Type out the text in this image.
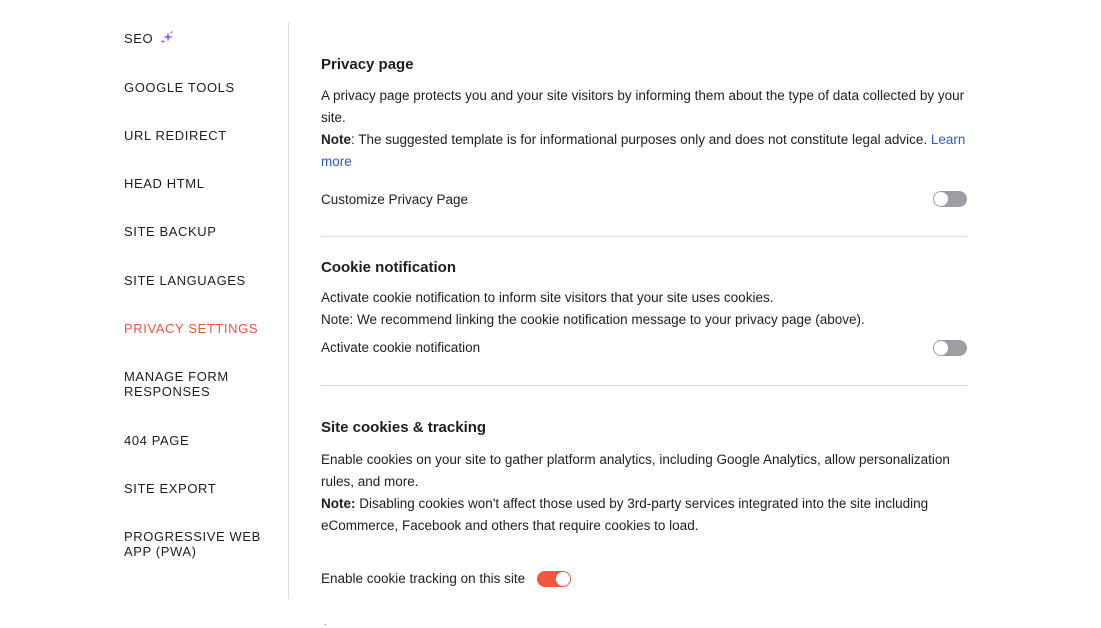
SEO
GOOGLE TOOLS
URL REDIRECT
HEAD HTML
SITE BACKUP
SITE LANGUAGES
PRIVACY SETTINGS
MANAGE FORM
RESPONSES
404 PAGE
SITE EXPORT
PROGRESSIVE WEB
APP (PWA)
Privacy page
A privacy page protects you and your site visitors by informing them about the type of data collected by your site.
Note: The suggested template is for informational purposes only and does not constitute legal advice. Learn more
Customize Privacy Page
Cookie notification
Activate cookie notification to inform site visitors that your site uses cookies.
Note: We recommend linking the cookie notification message to your privacy page (above).
Activate cookie notification
Site cookies & tracking
Enable cookies on your site to gather platform analytics, including Google Analytics, allow personalization rules, and more.
Note: Disabling cookies won't affect those used by 3rd-party services integrated into the site including eCommerce, Facebook and others that require cookies to load.
Enable cookie tracking on this site
